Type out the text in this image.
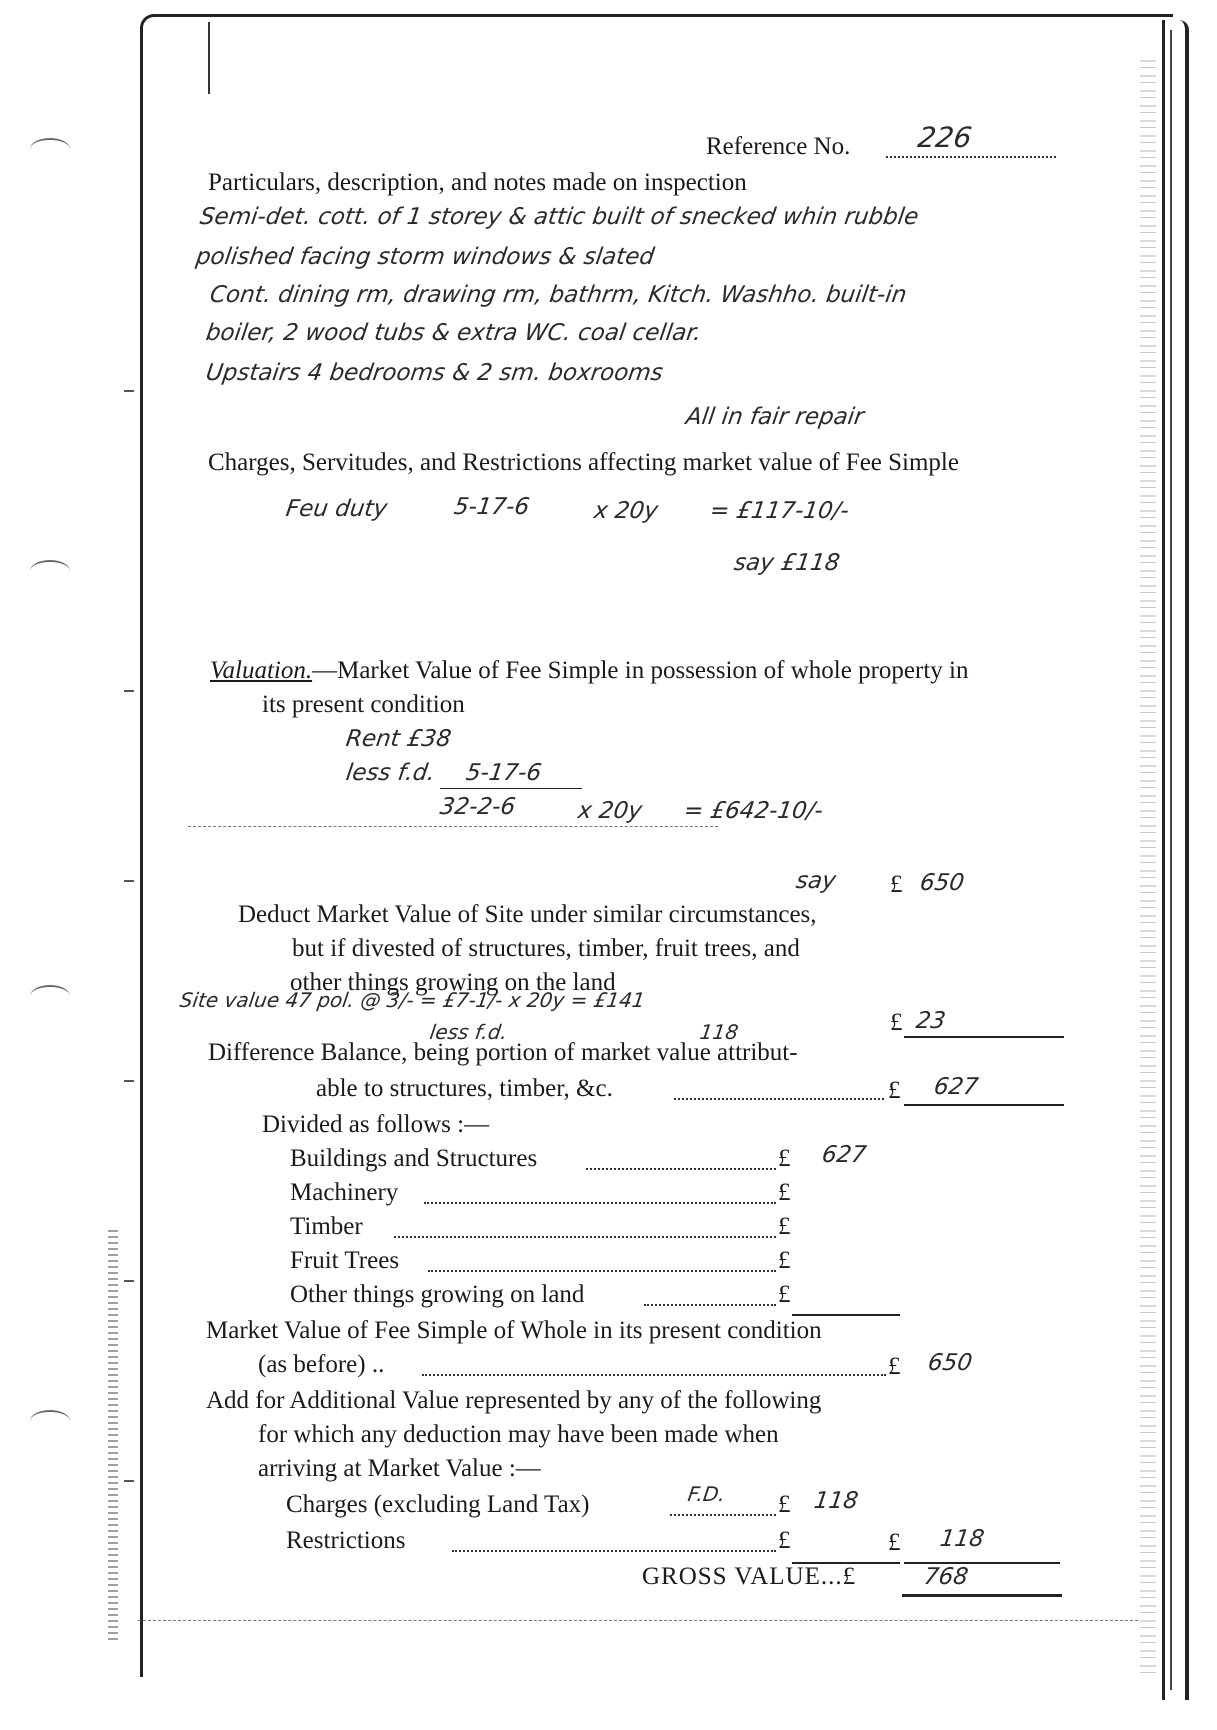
Reference No. 226
Particulars, description, and notes made on inspection
Semi-det. cott. of 1 storey & attic built of snecked whin rubble
polished facing storm windows & slated
Cont. dining rm, drawing rm, bathrm, Kitch. Washho. built-in
boiler, 2 wood tubs & extra WC. coal cellar.
Upstairs 4 bedrooms & 2 sm. boxrooms
All in fair repair
Charges, Servitudes, and Restrictions affecting market value of Fee Simple
Feu duty	5-17-6	x 20y = £117-10/-
say £118
Valuation.—Market Value of Fee Simple in possession of whole property in
its present condition
Rent £38
less f.d. 5-17-6
32-2-6	x 20y = £642-10/-
say £ 650
Deduct Market Value of Site under similar circumstances,
but if divested of structures, timber, fruit trees, and
other things growing on the land
Site value 47 pol. @ 3/- = £7-1/- x 20y = £141
less f.d.	118	£ 23
Difference Balance, being portion of market value attribut-
able to structures, timber, &c.	£ 627
Divided as follows :—
Buildings and Structures	£ 627
Machinery	£
Timber	£
Fruit Trees	£
Other things growing on land	£
Market Value of Fee Simple of Whole in its present condition
(as before) ..	£ 650
Add for Additional Value represented by any of the following
for which any deduction may have been made when
arriving at Market Value :—
Charges (excluding Land Tax)	F.D. £ 118
Restrictions	£	£ 118
GROSS VALUE...£	768
